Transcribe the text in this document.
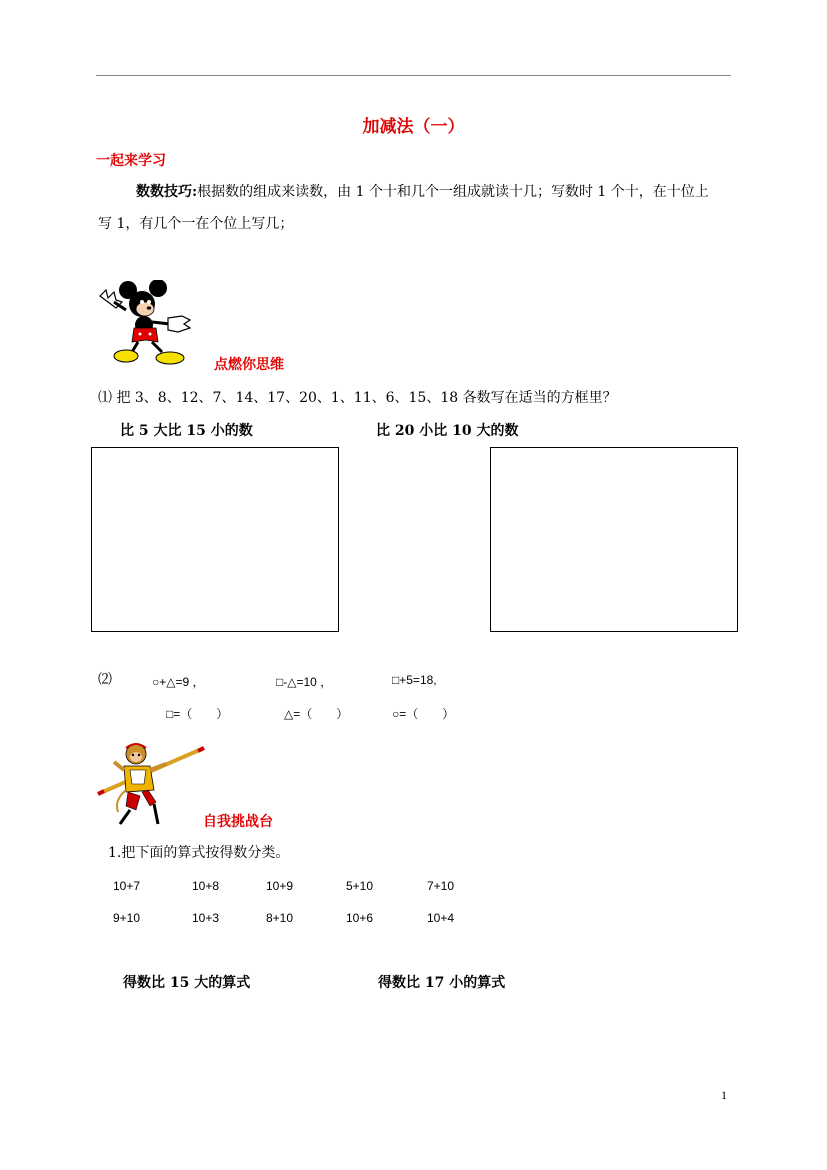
加减法（一）
一起来学习
数数技巧:根据数的组成来读数，由 1 个十和几个一组成就读十几；写数时 1 个十，在十位上
写 1，有几个一在个位上写几；
点燃你思维
⑴ 把 3、8、12、7、14、17、20、1、11、6、15、18 各数写在适当的方框里？
比 5 大比 15 小的数	比 20 小比 10 大的数
⑵	○+△=9 ，	□-△=10 ，	□+5=18,
□=（　　）	△=（　　）	○=（　　）
自我挑战台
1.把下面的算式按得数分类。
10+7	10+8	10+9	5+10	7+10
9+10	10+3	8+10	10+6	10+4
得数比 15 大的算式	得数比 17 小的算式
1
